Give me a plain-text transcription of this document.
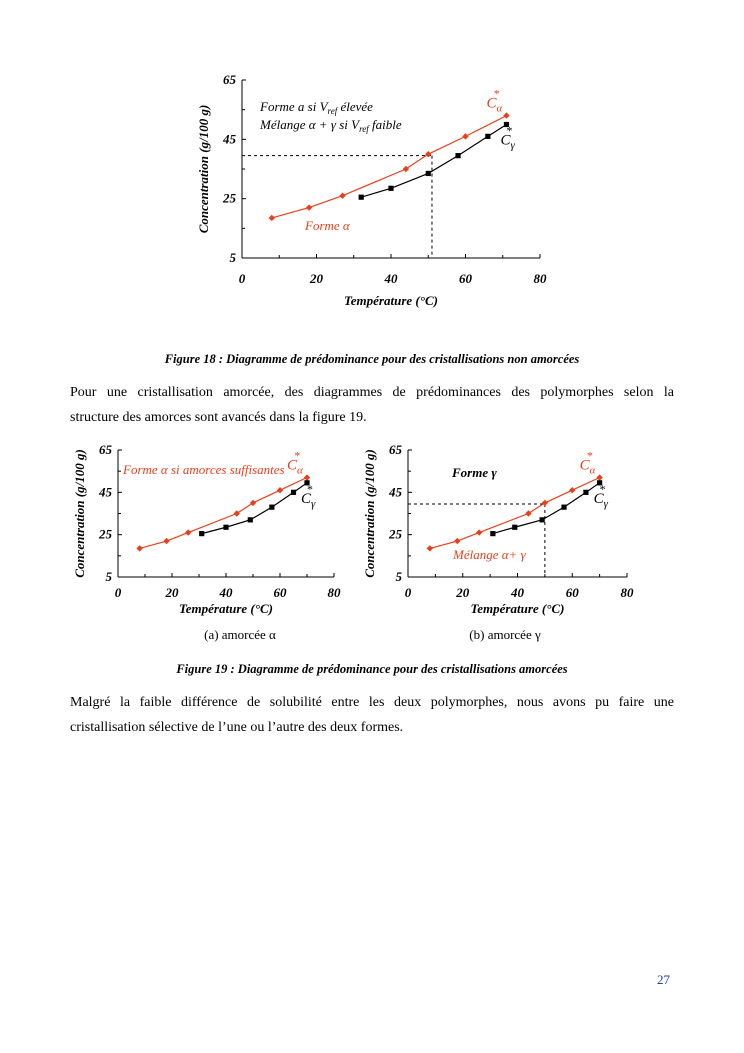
5
25
45
65
0	20	40	60	80
Température (°C)
Concentration (g/100 g)
$C_\alpha*$
$C_\gamma*$
Forme a si $V_{ref}$ élevée
Mélange α + γ si $V_{ref}$ faible
Forme α
Figure 18 : Diagramme de prédominance pour des cristallisations non amorcées
Pour une cristallisation amorcée, des diagrammes de prédominances des polymorphes selon la
structure des amorces sont avancés dans la figure 19.
5
25
45
65
0	20	40	60	80
Température (°C)
Concentration (g/100 g)	$C_\alpha*$
$C_\gamma*$
Forme α si amorces suffisantes
5
25
45
65
0	20	40	60	80
Température (°C)
Concentration (g/100 g)	$C_\alpha*$
$C_\gamma*$
Forme γ
Mélange α+ γ
(a) amorcée α	(b) amorcée γ
Figure 19 : Diagramme de prédominance pour des cristallisations amorcées
Malgré la faible différence de solubilité entre les deux polymorphes, nous avons pu faire une
cristallisation sélective de l’une ou l’autre des deux formes.
27
